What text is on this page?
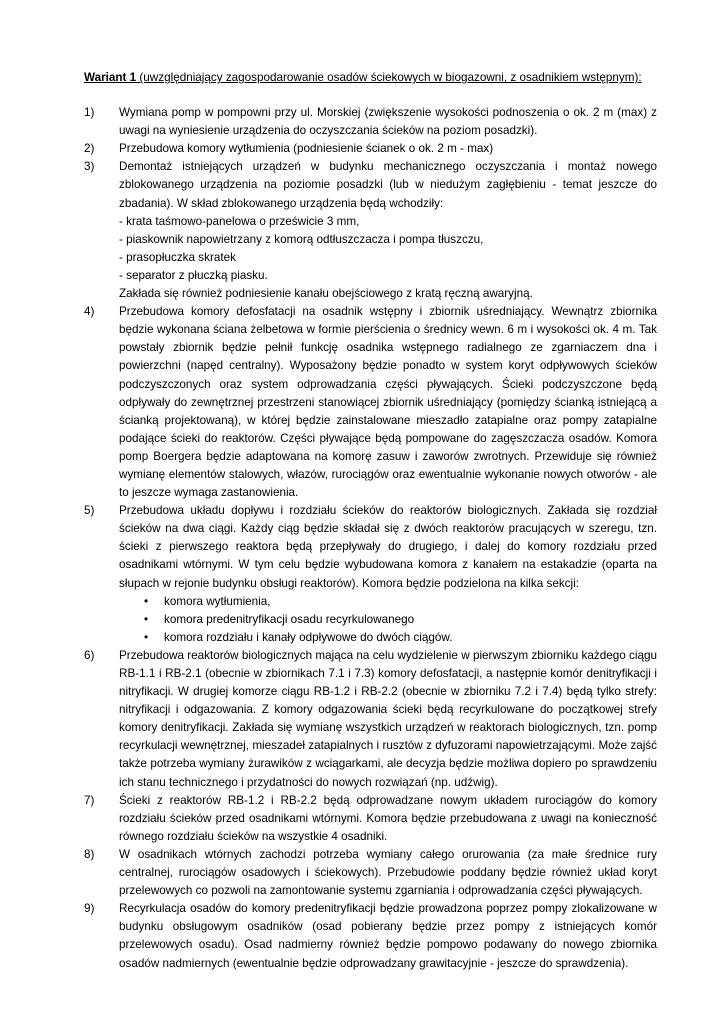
Wariant 1 (uwzględniający zagospodarowanie osadów ściekowych w biogazowni, z osadnikiem wstępnym):
1)	Wymiana pomp w pompowni przy ul. Morskiej (zwiększenie wysokości podnoszenia o ok. 2 m (max) z uwagi na wyniesienie urządzenia do oczyszczania ścieków na poziom posadzki).

2)	Przebudowa komory wytłumienia (podniesienie ścianek o ok. 2 m - max)

3)	Demontaż istniejących urządzeń w budynku mechanicznego oczyszczania i montaż nowego zblokowanego urządzenia na poziomie posadzki (lub w niedużym zagłębieniu - temat jeszcze do zbadania). W skład zblokowanego urządzenia będą wchodziły:

- krata taśmowo-panelowa o prześwicie 3 mm,

- piaskownik napowietrzany z komorą odtłuszczacza i pompa tłuszczu,

- prasopłuczka skratek

- separator z płuczką piasku.

Zakłada się również podniesienie kanału obejściowego z kratą ręczną awaryjną.

4)	Przebudowa komory defosfatacji na osadnik wstępny i zbiornik uśredniający. Wewnątrz zbiornika będzie wykonana ściana żelbetowa w formie pierścienia o średnicy wewn. 6 m i wysokości ok. 4 m. Tak powstały zbiornik będzie pełnił funkcję osadnika wstępnego radialnego ze zgarniaczem dna i powierzchni (napęd centralny). Wyposażony będzie ponadto w system koryt odpływowych ścieków podczyszczonych oraz system odprowadzania części pływających. Ścieki podczyszczone będą odpływały do zewnętrznej przestrzeni stanowiącej zbiornik uśredniający (pomiędzy ścianką istniejącą a ścianką projektowaną), w której będzie zainstalowane mieszadło zatapialne oraz pompy zatapialne podające ścieki do reaktorów. Części pływające będą pompowane do zagęszczacza osadów. Komora pomp Boergera będzie adaptowana na komorę zasuw i zaworów zwrotnych. Przewiduje się również wymianę elementów stalowych, włazów, rurociągów oraz ewentualnie wykonanie nowych otworów - ale to jeszcze wymaga zastanowienia.

5)	Przebudowa układu dopływu i rozdziału ścieków do reaktorów biologicznych. Zakłada się rozdział ścieków na dwa ciągi. Każdy ciąg będzie składał się z dwóch reaktorów pracujących w szeregu, tzn. ścieki z pierwszego reaktora będą przepływały do drugiego, i dalej do komory rozdziału przed osadnikami wtórnymi. W tym celu będzie wybudowana komora z kanałem na estakadzie (oparta na słupach w rejonie budynku obsługi reaktorów). Komora będzie podzielona na kilka sekcji:

•	komora wytłumienia,
•	komora predenitryfikacji osadu recyrkulowanego
•	komora rozdziału i kanały odpływowe do dwóch ciągów.
6)	Przebudowa reaktorów biologicznych mająca na celu wydzielenie w pierwszym zbiorniku każdego ciągu RB-1.1 i RB-2.1 (obecnie w zbiornikach 7.1 i 7.3) komory defosfatacji, a następnie komór denitryfikacji i nitryfikacji. W drugiej komorze ciągu RB-1.2 i RB-2.2 (obecnie w zbiorniku 7.2 i 7.4) będą tylko strefy: nitryfikacji i odgazowania. Z komory odgazowania ścieki będą recyrkulowane do początkowej strefy komory denitryfikacji. Zakłada się wymianę wszystkich urządzeń w reaktorach biologicznych, tzn. pomp recyrkulacji wewnętrznej, mieszadeł zatapialnych i rusztów z dyfuzorami napowietrzającymi. Może zajść także potrzeba wymiany żurawików z wciągarkami, ale decyzja będzie możliwa dopiero po sprawdzeniu ich stanu technicznego i przydatności do nowych rozwiązań (np. udźwig).

7)	Ścieki z reaktorów RB-1.2 i RB-2.2 będą odprowadzane nowym układem rurociągów do komory rozdziału ścieków przed osadnikami wtórnymi. Komora będzie przebudowana z uwagi na konieczność równego rozdziału ścieków na wszystkie 4 osadniki.

8)	W osadnikach wtórnych zachodzi potrzeba wymiany całego orurowania (za małe średnice rury centralnej, rurociągów osadowych i ściekowych). Przebudowie poddany będzie również układ koryt przelewowych co pozwoli na zamontowanie systemu zgarniania i odprowadzania części pływających.

9)	Recyrkulacja osadów do komory predenitryfikacji będzie prowadzona poprzez pompy zlokalizowane w budynku obsługowym osadników (osad pobierany będzie przez pompy z istniejących komór przelewowych osadu). Osad nadmierny również będzie pompowo podawany do nowego zbiornika osadów nadmiernych (ewentualnie będzie odprowadzany grawitacyjnie - jeszcze do sprawdzenia).
